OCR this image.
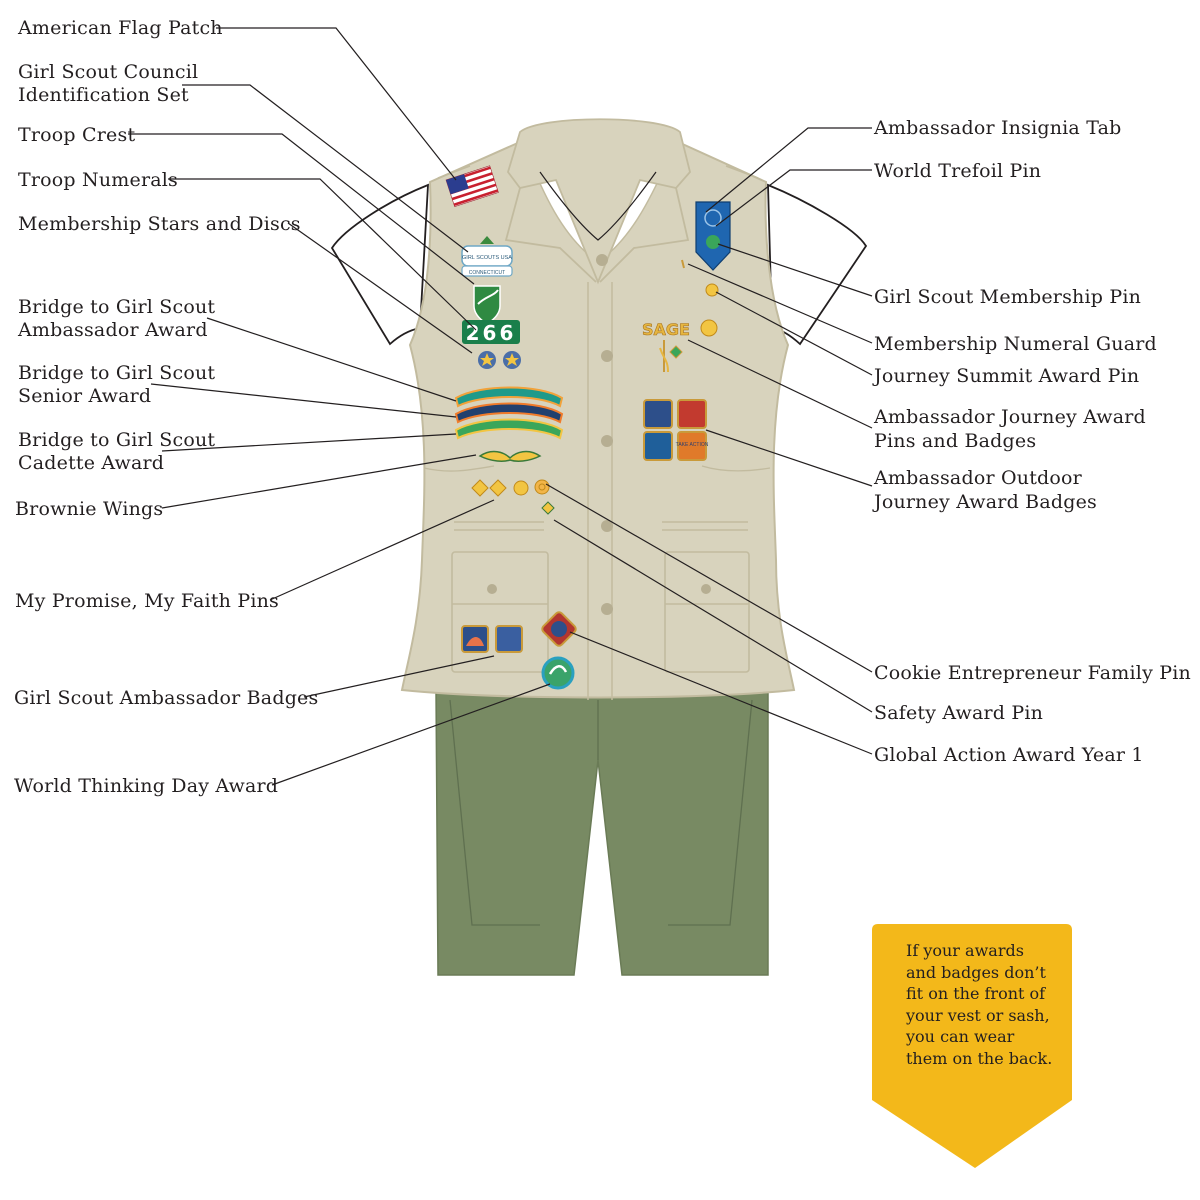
GIRL SCOUTS USA
CONNECTICUT
266	SAGE
TAKE ACTION
American Flag Patch
Girl Scout Council
Identification Set
Troop Crest
Troop Numerals
Membership Stars and Discs
Bridge to Girl Scout
Ambassador Award
Bridge to Girl Scout
Senior Award
Bridge to Girl Scout
Cadette Award
Brownie Wings
My Promise, My Faith Pins
Girl Scout Ambassador Badges
World Thinking Day Award
Ambassador Insignia Tab
World Trefoil Pin
Girl Scout Membership Pin
Membership Numeral Guard
Journey Summit Award Pin
Ambassador Journey Award
Pins and Badges
Ambassador Outdoor
Journey Award Badges
Cookie Entrepreneur Family Pin
Safety Award Pin
Global Action Award Year 1
If your awards and badges don’t fit on the front of your vest or sash, you can wear them on the back.
